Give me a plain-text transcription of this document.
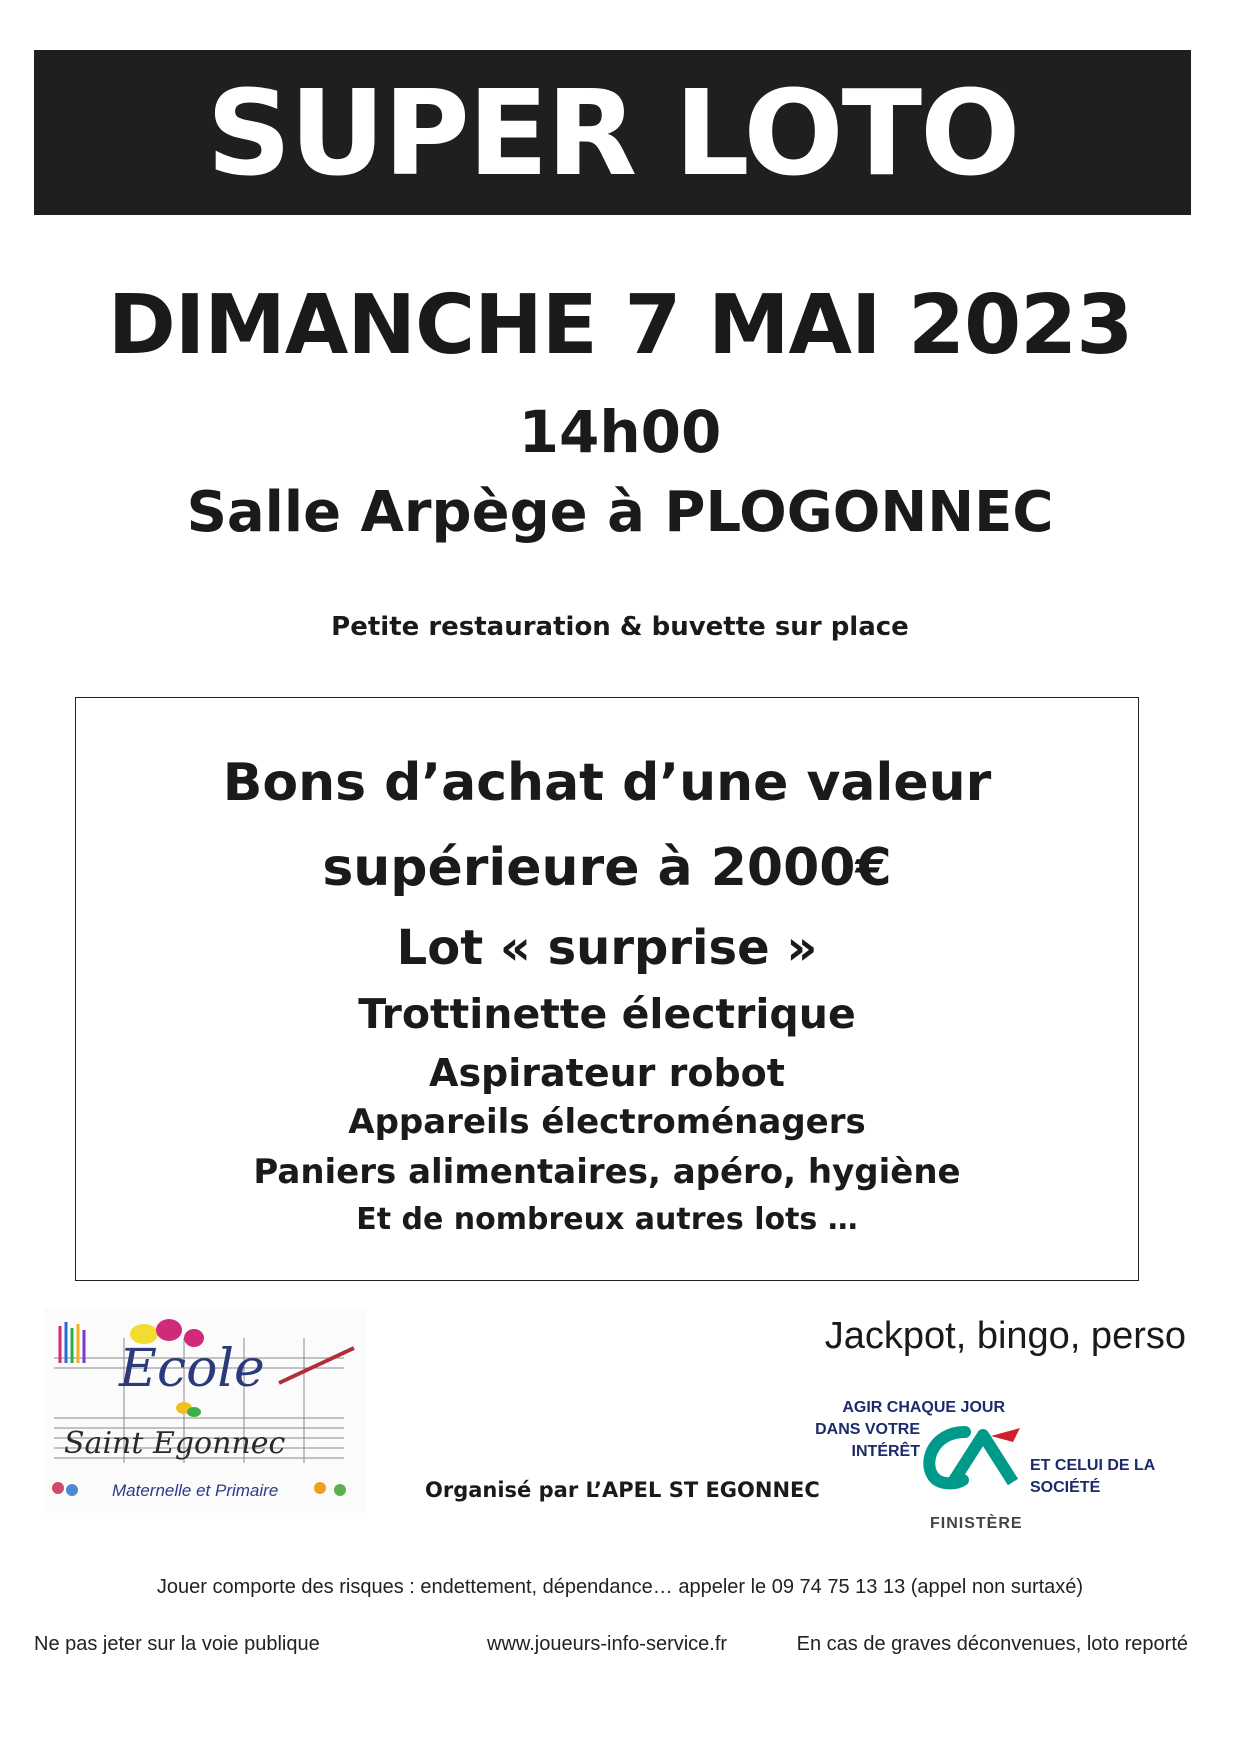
SUPER LOTO
DIMANCHE 7 MAI 2023
14h00
Salle Arpège à PLOGONNEC
Petite restauration & buvette sur place
Bons d’achat d’une valeur
supérieure à 2000€
Lot « surprise »
Trottinette électrique
Aspirateur robot
Appareils électroménagers
Paniers alimentaires, apéro, hygiène
Et de nombreux autres lots …
Ecole
Saint Egonnec
Maternelle et Primaire
Jackpot, bingo, perso
Organisé par L’APEL ST EGONNEC
AGIR CHAQUE JOUR
DANS VOTRE
INTÉRÊT
ET CELUI DE LA
SOCIÉTÉ
FINISTÈRE
Jouer comporte des risques : endettement, dépendance… appeler le 09 74 75 13 13 (appel non surtaxé)
Ne pas jeter sur la voie publique	www.joueurs-info-service.fr	En cas de graves déconvenues, loto reporté
